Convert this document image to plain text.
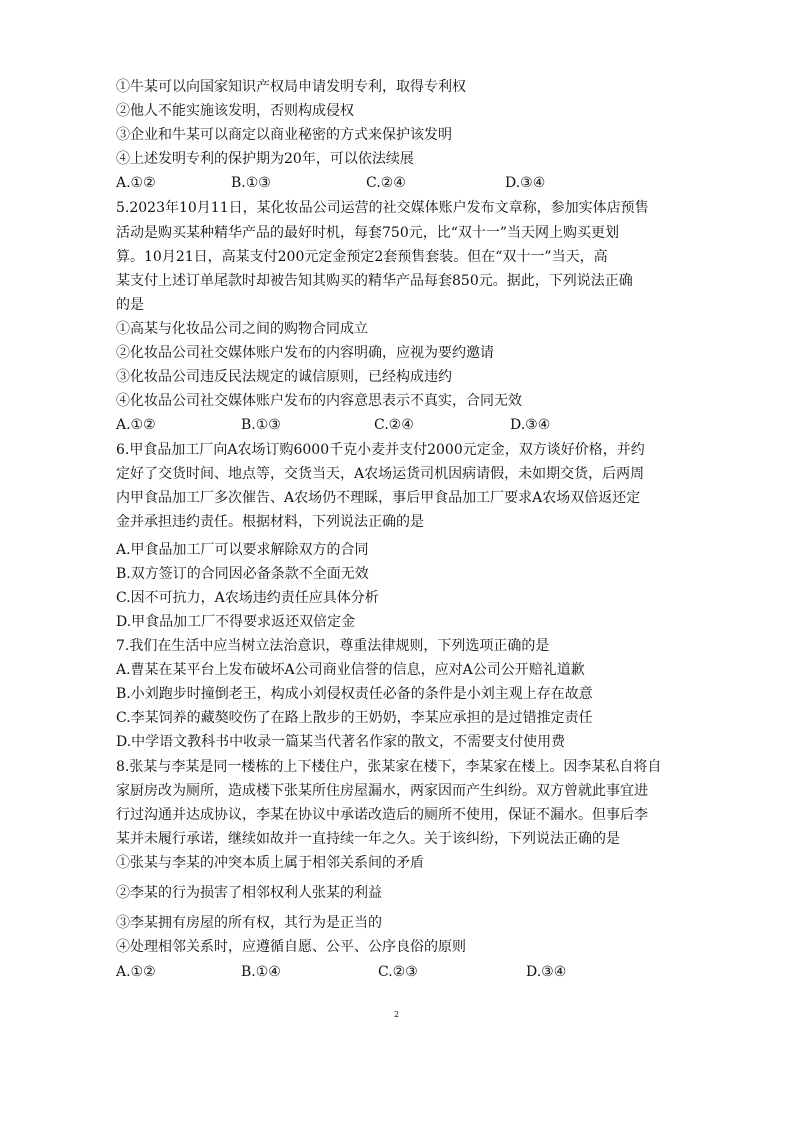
①牛某可以向国家知识产权局申请发明专利，取得专利权
②他人不能实施该发明，否则构成侵权
③企业和牛某可以商定以商业秘密的方式来保护该发明
④上述发明专利的保护期为20年，可以依法续展
A.①②	B.①③	C.②④	D.③④
5.2023年10月11日，某化妆品公司运营的社交媒体账户发布文章称，参加实体店预售
活动是购买某种精华产品的最好时机，每套750元，比“双十一”当天网上购买更划
算。10月21日，高某支付200元定金预定2套预售套装。但在“双十一”当天，高
某支付上述订单尾款时却被告知其购买的精华产品每套850元。据此，下列说法正确
的是
①高某与化妆品公司之间的购物合同成立
②化妆品公司社交媒体账户发布的内容明确，应视为要约邀请
③化妆品公司违反民法规定的诚信原则，已经构成违约
④化妆品公司社交媒体账户发布的内容意思表示不真实，合同无效
A.①②	B.①③	C.②④	D.③④
6.甲食品加工厂向A农场订购6000千克小麦并支付2000元定金，双方谈好价格，并约
定好了交货时间、地点等，交货当天，A农场运货司机因病请假，未如期交货，后两周
内甲食品加工厂多次催告、A农场仍不理睬，事后甲食品加工厂要求A农场双倍返还定
金并承担违约责任。根据材料，下列说法正确的是
A.甲食品加工厂可以要求解除双方的合同
B.双方签订的合同因必备条款不全面无效
C.因不可抗力，A农场违约责任应具体分析
D.甲食品加工厂不得要求返还双倍定金
7.我们在生活中应当树立法治意识，尊重法律规则，下列选项正确的是
A.曹某在某平台上发布破坏A公司商业信誉的信息，应对A公司公开赔礼道歉
B.小刘跑步时撞倒老王，构成小刘侵权责任必备的条件是小刘主观上存在故意
C.李某饲养的藏獒咬伤了在路上散步的王奶奶，李某应承担的是过错推定责任
D.中学语文教科书中收录一篇某当代著名作家的散文，不需要支付使用费
8.张某与李某是同一楼栋的上下楼住户，张某家在楼下，李某家在楼上。因李某私自将自
家厨房改为厕所，造成楼下张某所住房屋漏水，两家因而产生纠纷。双方曾就此事宜进
行过沟通并达成协议，李某在协议中承诺改造后的厕所不使用，保证不漏水。但事后李
某并未履行承诺，继续如故并一直持续一年之久。关于该纠纷，下列说法正确的是
①张某与李某的冲突本质上属于相邻关系间的矛盾
②李某的行为损害了相邻权利人张某的利益
③李某拥有房屋的所有权，其行为是正当的
④处理相邻关系时，应遵循自愿、公平、公序良俗的原则
A.①②	B.①④	C.②③	D.③④
2
